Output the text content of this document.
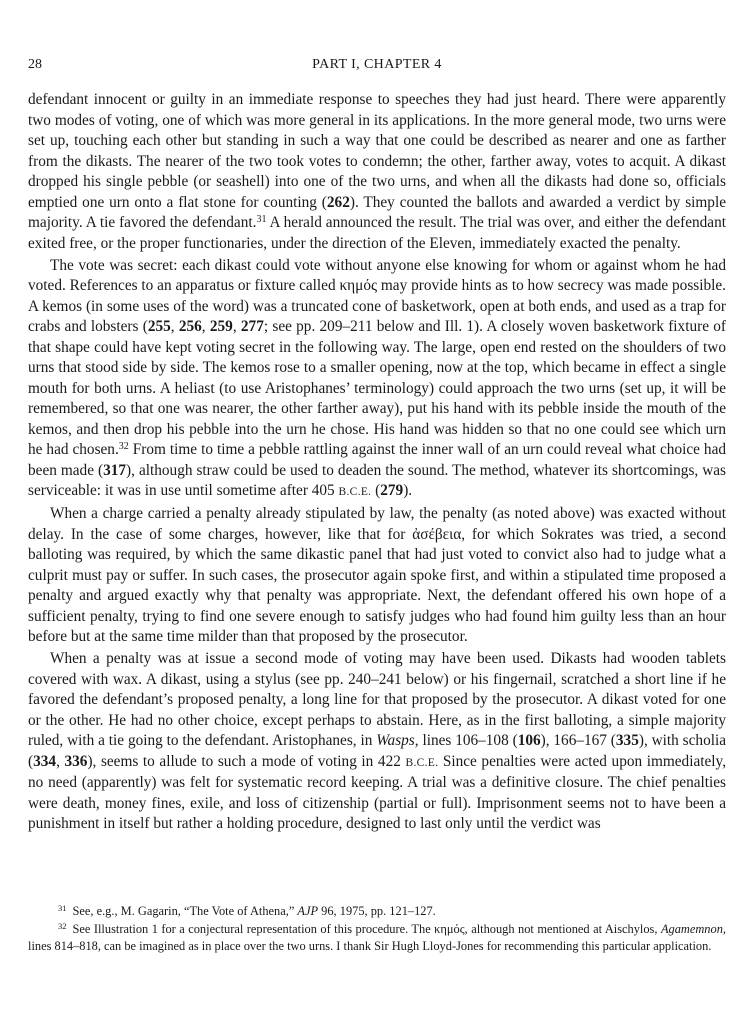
28	PART I, CHAPTER 4

defendant innocent or guilty in an immediate response to speeches they had just heard. There were apparently two modes of voting, one of which was more general in its applications. In the more general mode, two urns were set up, touching each other but standing in such a way that one could be described as nearer and one as farther from the dikasts. The nearer of the two took votes to condemn; the other, farther away, votes to acquit. A dikast dropped his single pebble (or seashell) into one of the two urns, and when all the dikasts had done so, officials emptied one urn onto a flat stone for counting (262). They counted the ballots and awarded a verdict by simple majority. A tie favored the defendant.$^{31}$ A herald announced the result. The trial was over, and either the defendant exited free, or the proper functionaries, under the direction of the Eleven, immediately exacted the penalty.

The vote was secret: each dikast could vote without anyone else knowing for whom or against whom he had voted. References to an apparatus or fixture called κημός may provide hints as to how secrecy was made possible. A kemos (in some uses of the word) was a truncated cone of basketwork, open at both ends, and used as a trap for crabs and lobsters (255, 256, 259, 277; see pp. 209–211 below and Ill. 1). A closely woven basketwork fixture of that shape could have kept voting secret in the following way. The large, open end rested on the shoulders of two urns that stood side by side. The kemos rose to a smaller opening, now at the top, which became in effect a single mouth for both urns. A heliast (to use Aristophanes’ terminology) could approach the two urns (set up, it will be remembered, so that one was nearer, the other farther away), put his hand with its pebble inside the mouth of the kemos, and then drop his pebble into the urn he chose. His hand was hidden so that no one could see which urn he had chosen.$^{32}$ From time to time a pebble rattling against the inner wall of an urn could reveal what choice had been made (317), although straw could be used to deaden the sound. The method, whatever its shortcomings, was serviceable: it was in use until sometime after 405 B.C.E. (279).

When a charge carried a penalty already stipulated by law, the penalty (as noted above) was exacted without delay. In the case of some charges, however, like that for ἀσέβεια, for which Sokrates was tried, a second balloting was required, by which the same dikastic panel that had just voted to convict also had to judge what a culprit must pay or suffer. In such cases, the prosecutor again spoke first, and within a stipulated time proposed a penalty and argued exactly why that penalty was appropriate. Next, the defendant offered his own hope of a sufficient penalty, trying to find one severe enough to satisfy judges who had found him guilty less than an hour before but at the same time milder than that proposed by the prosecutor.

When a penalty was at issue a second mode of voting may have been used. Dikasts had wooden tablets covered with wax. A dikast, using a stylus (see pp. 240–241 below) or his fingernail, scratched a short line if he favored the defendant’s proposed penalty, a long line for that proposed by the prosecutor. A dikast voted for one or the other. He had no other choice, except perhaps to abstain. Here, as in the first balloting, a simple majority ruled, with a tie going to the defendant. Aristophanes, in Wasps, lines 106–108 (106), 166–167 (335), with scholia (334, 336), seems to allude to such a mode of voting in 422 B.C.E. Since penalties were acted upon immediately, no need (apparently) was felt for systematic record keeping. A trial was a definitive closure. The chief penalties were death, money fines, exile, and loss of citizenship (partial or full). Imprisonment seems not to have been a punishment in itself but rather a holding procedure, designed to last only until the verdict was

$^{31}$ See, e.g., M. Gagarin, “The Vote of Athena,” AJP 96, 1975, pp. 121–127.

$^{32}$ See Illustration 1 for a conjectural representation of this procedure. The κημός, although not mentioned at Aischylos, Agamemnon, lines 814–818, can be imagined as in place over the two urns. I thank Sir Hugh Lloyd-Jones for recommending this particular application.
